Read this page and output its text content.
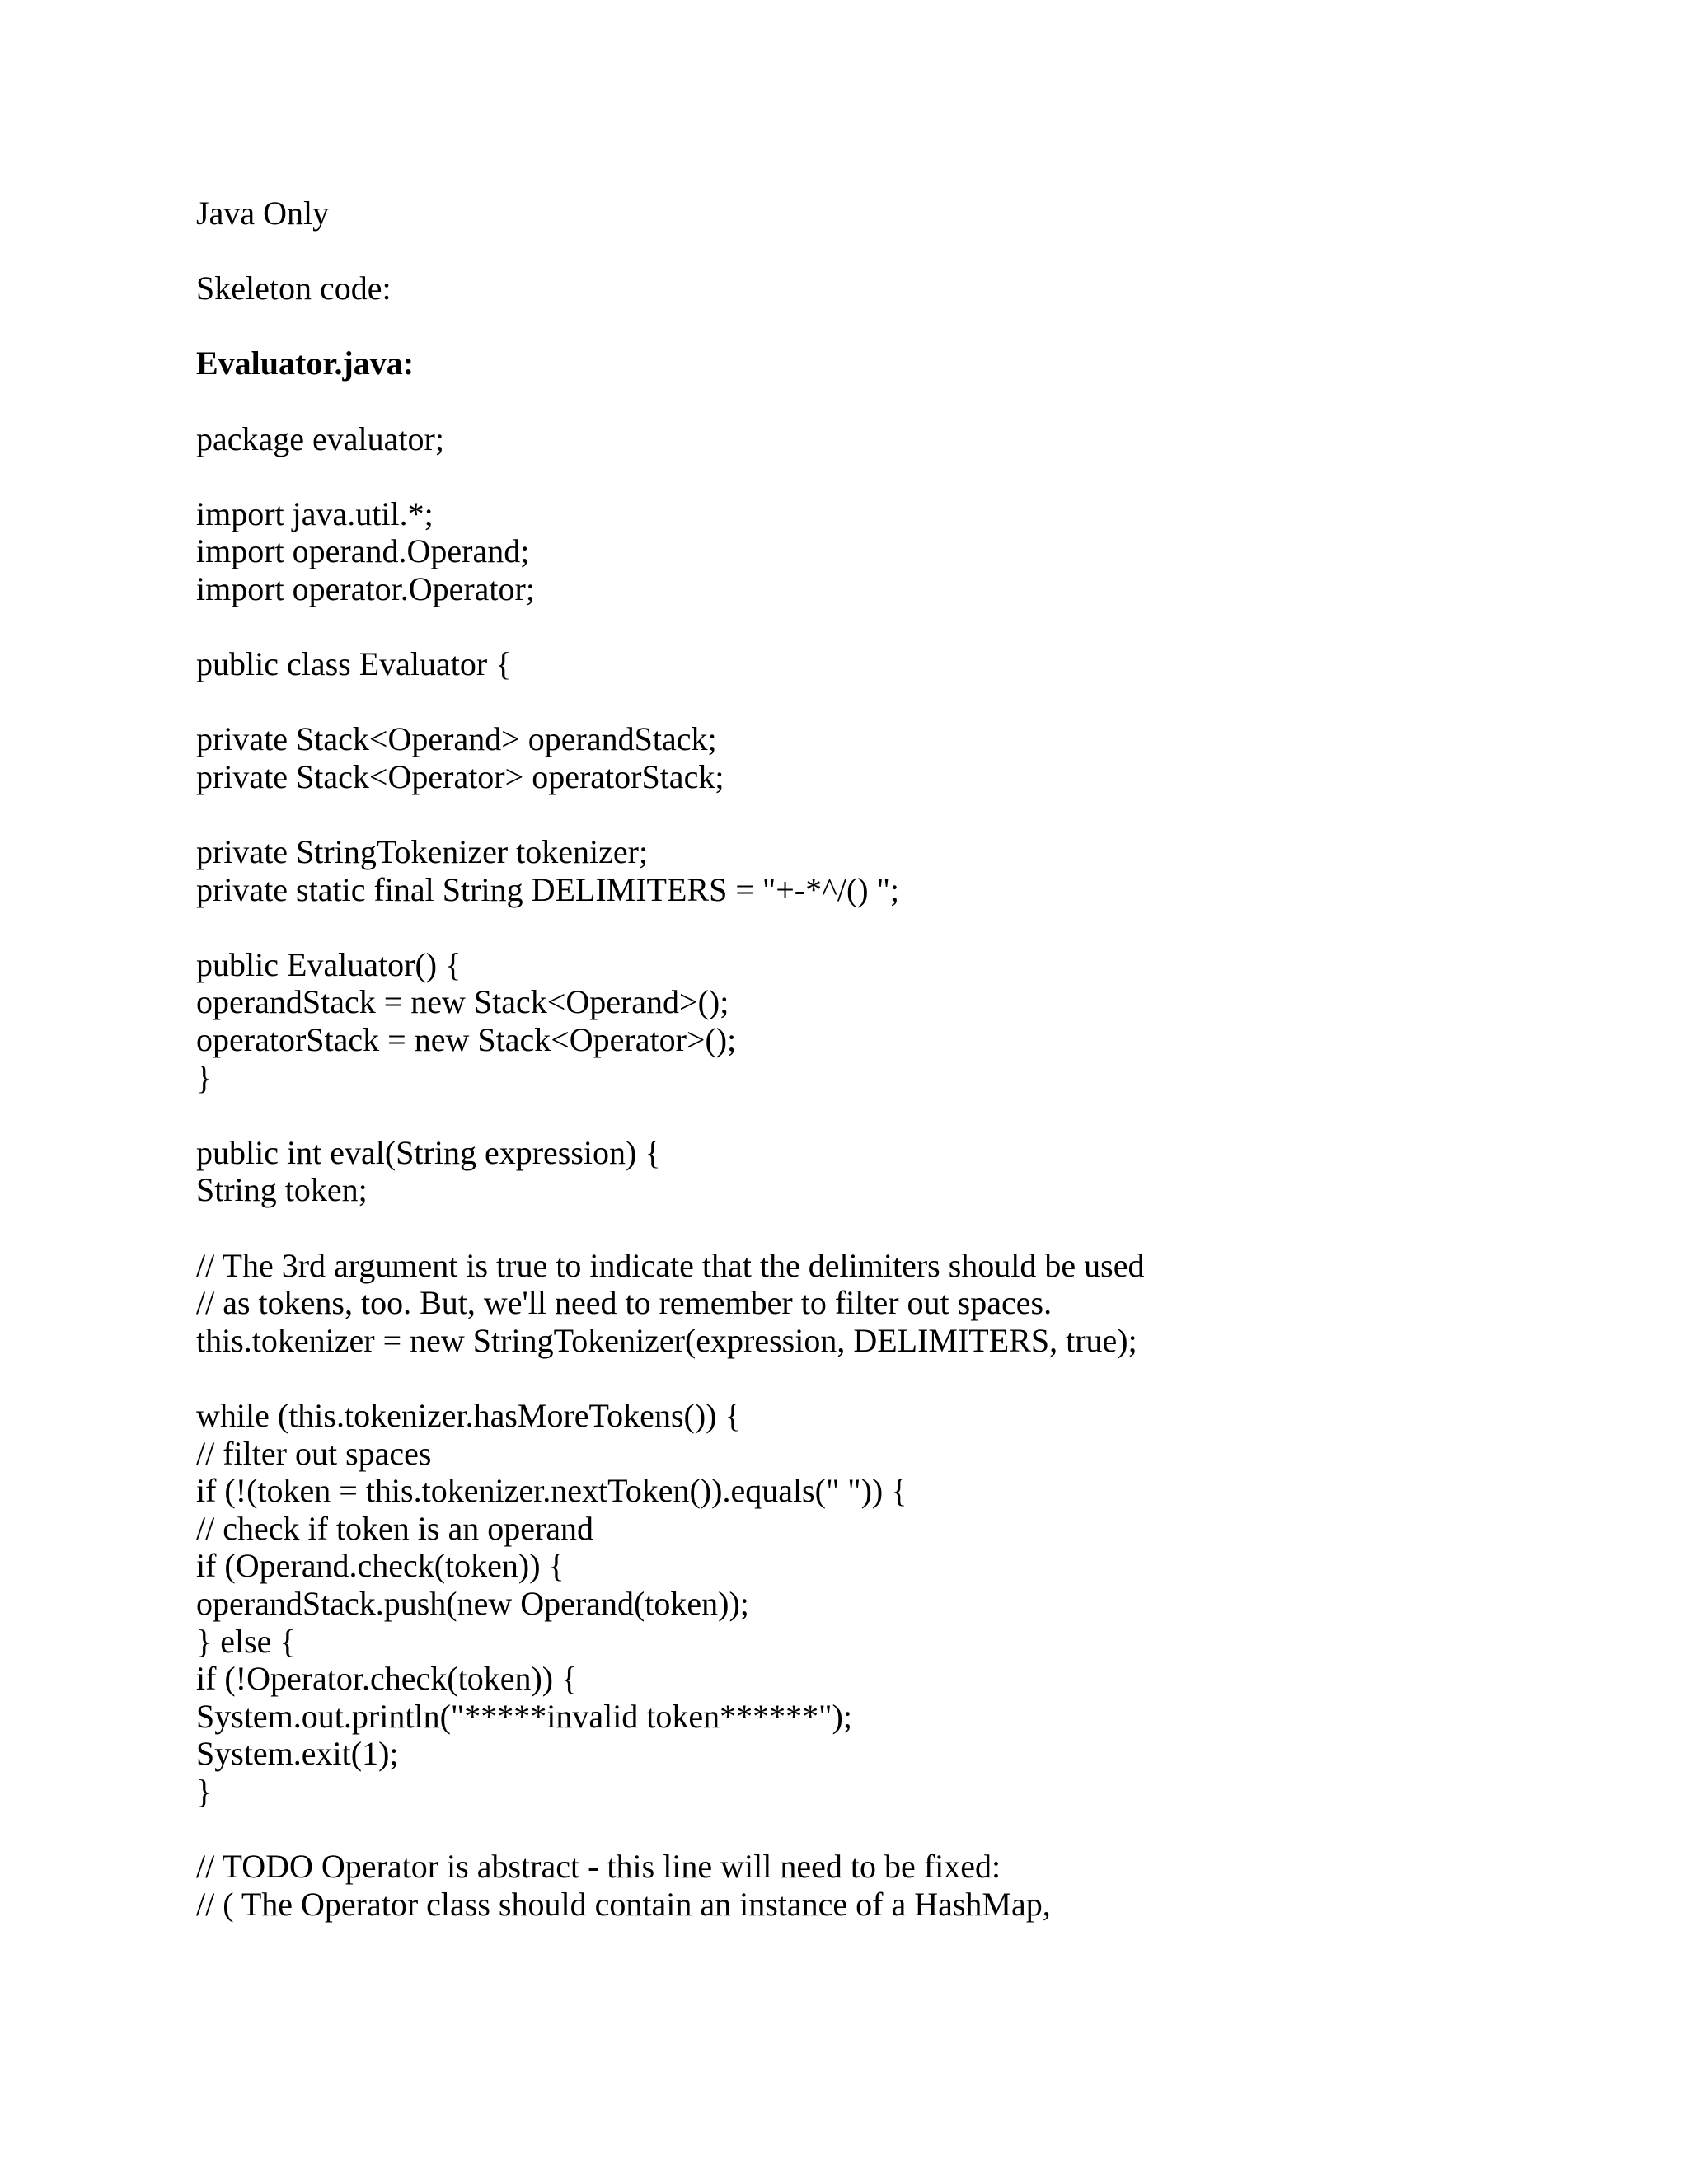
Java Only

Skeleton code:

Evaluator.java:

package evaluator;

import java.util.*;

import operand.Operand;

import operator.Operator;

public class Evaluator {

private Stack<Operand> operandStack;

private Stack<Operator> operatorStack;

private StringTokenizer tokenizer;

private static final String DELIMITERS = "+-*^/() ";

public Evaluator() {

operandStack = new Stack<Operand>();

operatorStack = new Stack<Operator>();

}

public int eval(String expression) {

String token;

// The 3rd argument is true to indicate that the delimiters should be used

// as tokens, too. But, we'll need to remember to filter out spaces.

this.tokenizer = new StringTokenizer(expression, DELIMITERS, true);

while (this.tokenizer.hasMoreTokens()) {

// filter out spaces

if (!(token = this.tokenizer.nextToken()).equals(" ")) {

// check if token is an operand

if (Operand.check(token)) {

operandStack.push(new Operand(token));

} else {

if (!Operator.check(token)) {

System.out.println("*****invalid token******");

System.exit(1);

}

// TODO Operator is abstract - this line will need to be fixed:

// ( The Operator class should contain an instance of a HashMap,
